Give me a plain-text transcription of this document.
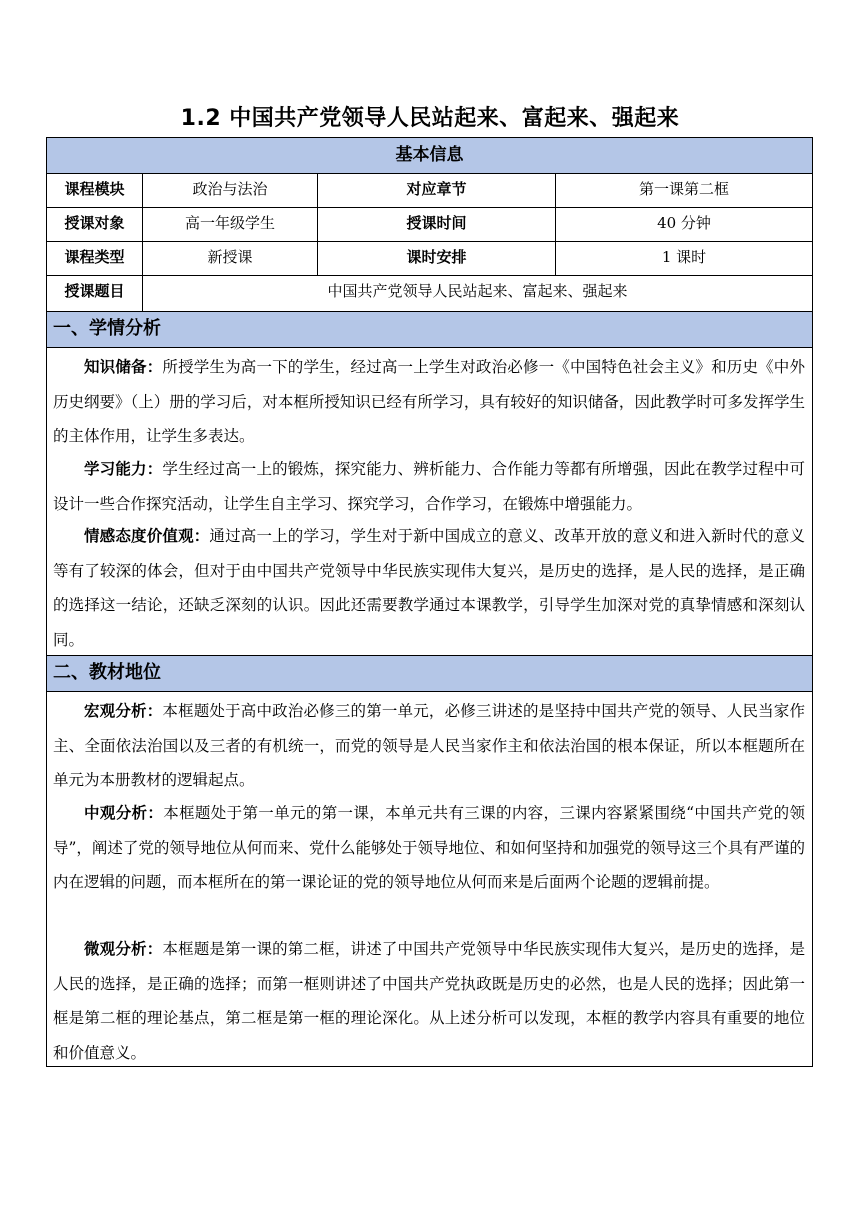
1.2 中国共产党领导人民站起来、富起来、强起来
基本信息
课程模块	政治与法治	对应章节	第一课第二框
授课对象	高一年级学生	授课时间	40 分钟
课程类型	新授课	课时安排	1 课时
授课题目	中国共产党领导人民站起来、富起来、强起来
一、学情分析
知识储备：所授学生为高一下的学生，经过高一上学生对政治必修一《中国特色社会主义》和历史《中外历史纲要》（上）册的学习后，对本框所授知识已经有所学习，具有较好的知识储备，因此教学时可多发挥学生的主体作用，让学生多表达。
学习能力：学生经过高一上的锻炼，探究能力、辨析能力、合作能力等都有所增强，因此在教学过程中可设计一些合作探究活动，让学生自主学习、探究学习，合作学习，在锻炼中增强能力。
情感态度价值观：通过高一上的学习，学生对于新中国成立的意义、改革开放的意义和进入新时代的意义等有了较深的体会，但对于由中国共产党领导中华民族实现伟大复兴，是历史的选择，是人民的选择，是正确的选择这一结论，还缺乏深刻的认识。因此还需要教学通过本课教学，引导学生加深对党的真挚情感和深刻认同。
二、教材地位
宏观分析：本框题处于高中政治必修三的第一单元，必修三讲述的是坚持中国共产党的领导、人民当家作主、全面依法治国以及三者的有机统一，而党的领导是人民当家作主和依法治国的根本保证，所以本框题所在单元为本册教材的逻辑起点。
中观分析：本框题处于第一单元的第一课，本单元共有三课的内容，三课内容紧紧围绕“中国共产党的领导”，阐述了党的领导地位从何而来、党什么能够处于领导地位、和如何坚持和加强党的领导这三个具有严谨的内在逻辑的问题，而本框所在的第一课论证的党的领导地位从何而来是后面两个论题的逻辑前提。
微观分析：本框题是第一课的第二框，讲述了中国共产党领导中华民族实现伟大复兴，是历史的选择，是人民的选择，是正确的选择；而第一框则讲述了中国共产党执政既是历史的必然，也是人民的选择；因此第一框是第二框的理论基点，第二框是第一框的理论深化。从上述分析可以发现，本框的教学内容具有重要的地位和价值意义。
